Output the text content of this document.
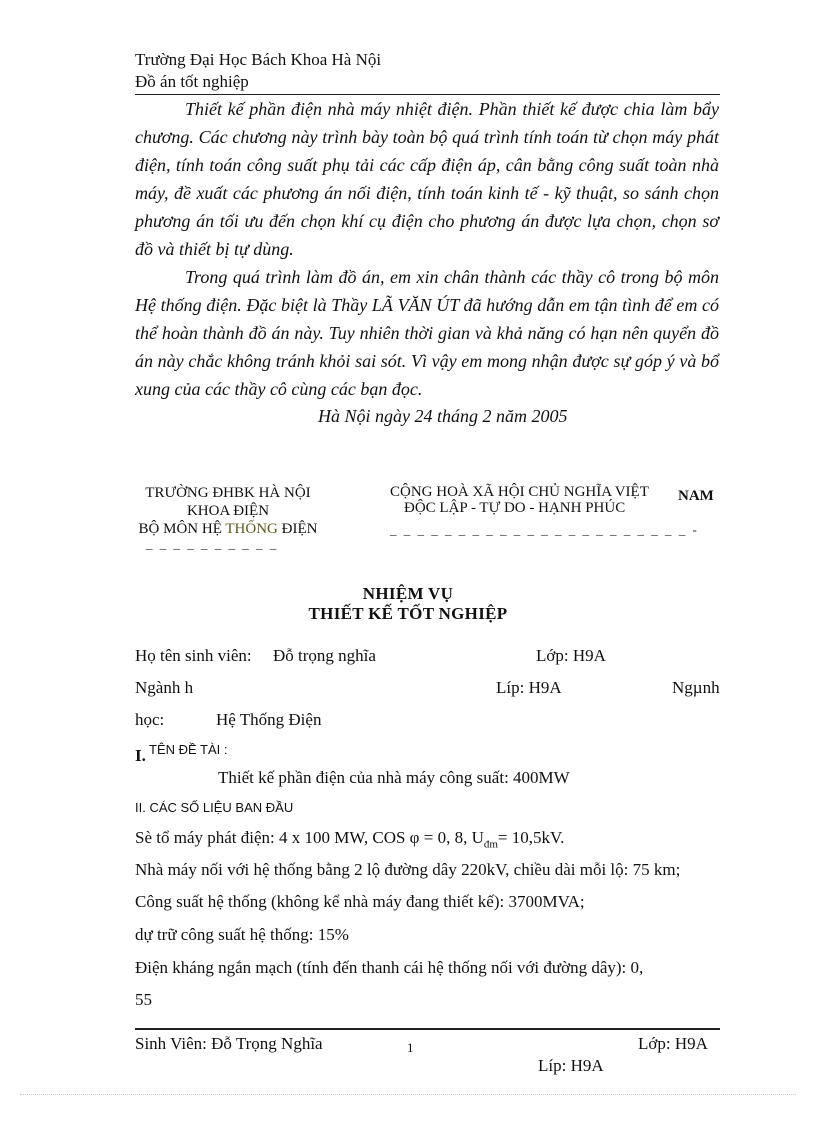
Trường Đại Học Bách Khoa Hà Nội
Đồ án tốt nghiệp

Thiết kế phần điện nhà máy nhiệt điện. Phần thiết kế được chia làm bẩy chương. Các chương này trình bày toàn bộ quá trình tính toán từ chọn máy phát điện, tính toán công suất phụ tải các cấp điện áp, cân bằng công suất toàn nhà máy, đề xuất các phương án nối điện, tính toán kinh tế - kỹ thuật, so sánh chọn phương án tối ưu đến chọn khí cụ điện cho phương án được lựa chọn, chọn sơ đồ và thiết bị tự dùng.

Trong quá trình làm đồ án, em xin chân thành các thầy cô trong bộ môn Hệ thống điện. Đặc biệt là Thầy LÃ VĂN ÚT đã hướng dẫn em tận tình để em có thể hoàn thành đồ án này. Tuy nhiên thời gian và khả năng có hạn nên quyển đồ án này chắc không tránh khỏi sai sót. Vì vậy em mong nhận được sự góp ý và bổ xung của các thầy cô cùng các bạn đọc.

Hà Nội ngày 24 tháng 2 năm 2005
TRƯỜNG ĐHBK HÀ NỘI
KHOA ĐIỆN
BỘ MÔN HỆ THỐNG ĐIỆN
_ _ _ _ _ _ _ _ _ _
CỘNG HOÀ XÃ HỘI CHỦ NGHĨA VIỆT NAM
ĐỘC LẬP - TỰ DO - HẠNH PHÚC
_ _ _ _ _ _ _ _ _ _ _ _ _ _ _ _ _ _ _ _ _ _ -
NHIỆM VỤ
THIẾT KẾ TỐT NGHIỆP
Họ tên sinh viên: Đỗ trọng nghĩa	Lớp: H9A
Ngành h	Líp: H9A	Ngµnh
học:	Hệ Thống Điện
I. TÊN ĐỀ TÀI :
Thiết kế phần điện của nhà máy công suất: 400MW
II. CÁC SỐ LIỆU BAN ĐẦU
Sè tổ máy phát điện: 4 x 100 MW, COS φ = 0, 8, $U_{đm}= 10,5kV$.
Nhà máy nối với hệ thống bằng 2 lộ đường dây 220kV, chiều dài mỗi lộ: 75 km;
Công suất hệ thống (không kể nhà máy đang thiết kế): 3700MVA;
dự trữ công suất hệ thống: 15%
Điện kháng ngắn mạch (tính đến thanh cái hệ thống nối với đường dây): 0,
55
Sinh Viên: Đỗ Trọng Nghĩa	1	Lớp: H9A
Líp: H9A
